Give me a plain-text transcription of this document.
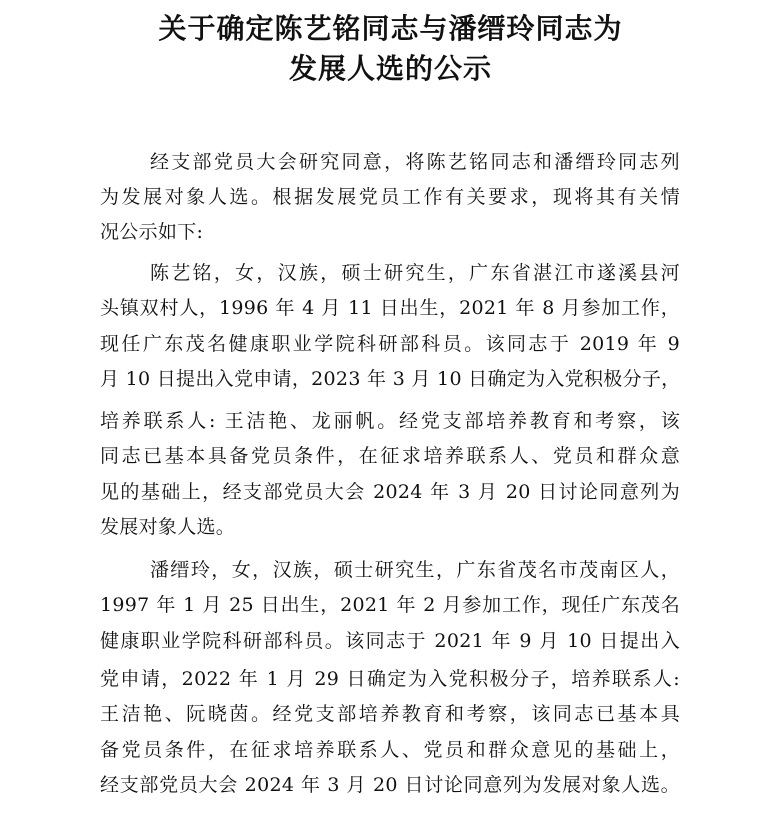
关于确定陈艺铭同志与潘缙玲同志为
发展人选的公示
经支部党员大会研究同意，将陈艺铭同志和潘缙玲同志列
为发展对象人选。根据发展党员工作有关要求，现将其有关情
况公示如下:
陈艺铭，女，汉族，硕士研究生，广东省湛江市遂溪县河
头镇双村人，1996 年 4 月 11 日出生，2021 年 8 月参加工作，
现任广东茂名健康职业学院科研部科员。该同志于 2019 年 9
月 10 日提出入党申请，2023 年 3 月 10 日确定为入党积极分子，
培养联系人: 王洁艳、龙丽帆。经党支部培养教育和考察，该
同志已基本具备党员条件，在征求培养联系人、党员和群众意
见的基础上，经支部党员大会 2024 年 3 月 20 日讨论同意列为
发展对象人选。
潘缙玲，女，汉族，硕士研究生，广东省茂名市茂南区人，
1997 年 1 月 25 日出生，2021 年 2 月参加工作，现任广东茂名
健康职业学院科研部科员。该同志于 2021 年 9 月 10 日提出入
党申请，2022 年 1 月 29 日确定为入党积极分子，培养联系人:
王洁艳、阮晓茵。经党支部培养教育和考察，该同志已基本具
备党员条件，在征求培养联系人、党员和群众意见的基础上，
经支部党员大会 2024 年 3 月 20 日讨论同意列为发展对象人选。
